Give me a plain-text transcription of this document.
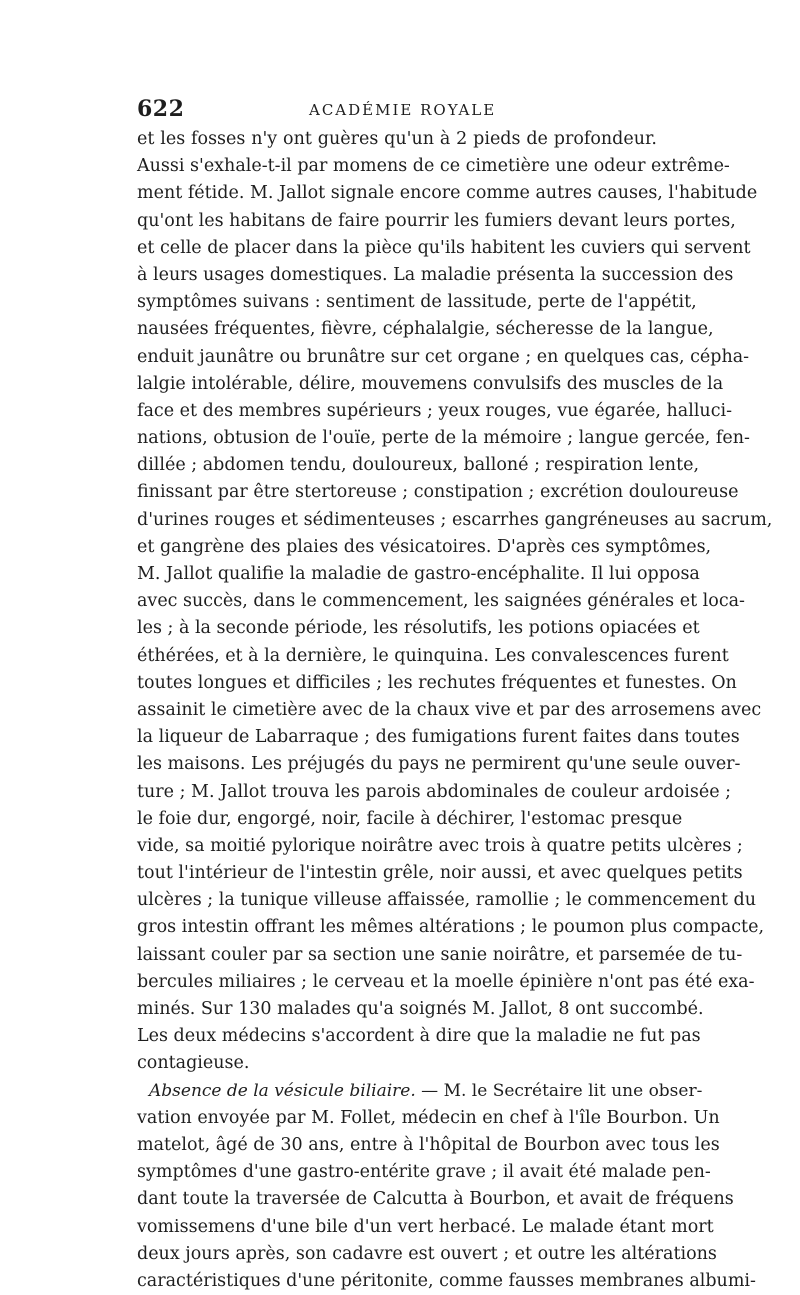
622	ACADÉMIE ROYALE
et les fosses n'y ont guères qu'un à 2 pieds de profondeur.
Aussi s'exhale-t-il par momens de ce cimetière une odeur extrême-
ment fétide. M. Jallot signale encore comme autres causes, l'habitude
qu'ont les habitans de faire pourrir les fumiers devant leurs portes,
et celle de placer dans la pièce qu'ils habitent les cuviers qui servent
à leurs usages domestiques. La maladie présenta la succession des
symptômes suivans : sentiment de lassitude, perte de l'appétit,
nausées fréquentes, fièvre, céphalalgie, sécheresse de la langue,
enduit jaunâtre ou brunâtre sur cet organe ; en quelques cas, cépha-
lalgie intolérable, délire, mouvemens convulsifs des muscles de la
face et des membres supérieurs ; yeux rouges, vue égarée, halluci-
nations, obtusion de l'ouïe, perte de la mémoire ; langue gercée, fen-
dillée ; abdomen tendu, douloureux, balloné ; respiration lente,
finissant par être stertoreuse ; constipation ; excrétion douloureuse
d'urines rouges et sédimenteuses ; escarrhes gangréneuses au sacrum,
et gangrène des plaies des vésicatoires. D'après ces symptômes,
M. Jallot qualifie la maladie de gastro-encéphalite. Il lui opposa
avec succès, dans le commencement, les saignées générales et loca-
les ; à la seconde période, les résolutifs, les potions opiacées et
éthérées, et à la dernière, le quinquina. Les convalescences furent
toutes longues et difficiles ; les rechutes fréquentes et funestes. On
assainit le cimetière avec de la chaux vive et par des arrosemens avec
la liqueur de Labarraque ; des fumigations furent faites dans toutes
les maisons. Les préjugés du pays ne permirent qu'une seule ouver-
ture ; M. Jallot trouva les parois abdominales de couleur ardoisée ;
le foie dur, engorgé, noir, facile à déchirer, l'estomac presque
vide, sa moitié pylorique noirâtre avec trois à quatre petits ulcères ;
tout l'intérieur de l'intestin grêle, noir aussi, et avec quelques petits
ulcères ; la tunique villeuse affaissée, ramollie ; le commencement du
gros intestin offrant les mêmes altérations ; le poumon plus compacte,
laissant couler par sa section une sanie noirâtre, et parsemée de tu-
bercules miliaires ; le cerveau et la moelle épinière n'ont pas été exa-
minés. Sur 130 malades qu'a soignés M. Jallot, 8 ont succombé.
Les deux médecins s'accordent à dire que la maladie ne fut pas
contagieuse.
Absence de la vésicule biliaire. — M. le Secrétaire lit une obser-
vation envoyée par M. Follet, médecin en chef à l'île Bourbon. Un
matelot, âgé de 30 ans, entre à l'hôpital de Bourbon avec tous les
symptômes d'une gastro-entérite grave ; il avait été malade pen-
dant toute la traversée de Calcutta à Bourbon, et avait de fréquens
vomissemens d'une bile d'un vert herbacé. Le malade étant mort
deux jours après, son cadavre est ouvert ; et outre les altérations
caractéristiques d'une péritonite, comme fausses membranes albumi-
